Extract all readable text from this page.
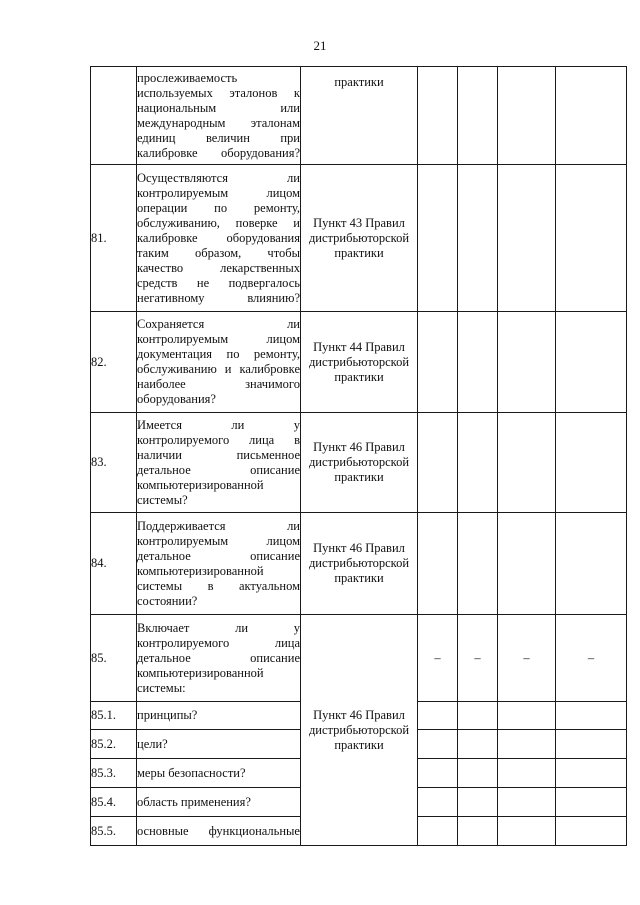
21
	прослеживаемость используемых эталонов к национальным или международным эталонам единиц величин при калибровке оборудования?	практики				
81.	Осуществляются ли контролируемым лицом операции по ремонту, обслуживанию, поверке и калибровке оборудования таким образом, чтобы качество лекарственных средств не подвергалось негативному влиянию?	Пункт 43 Правил дистрибьюторской практики				
82.	Сохраняется ли контролируемым лицом документация по ремонту, обслуживанию и калибровке наиболее значимого оборудования?	Пункт 44 Правил дистрибьюторской практики				
83.	Имеется ли у контролируемого лица в наличии письменное детальное описание компьютеризированной системы?	Пункт 46 Правил дистрибьюторской практики				
84.	Поддерживается ли контролируемым лицом детальное описание компьютеризированной системы в актуальном состоянии?	Пункт 46 Правил дистрибьюторской практики				
85.	Включает ли у контролируемого лица детальное описание компьютеризированной системы:	Пункт 46 Правил дистрибьюторской практики	–	–	–	–
85.1.	принципы?					
85.2.	цели?					
85.3.	меры безопасности?					
85.4.	область применения?					
85.5.	основные функциональные					
